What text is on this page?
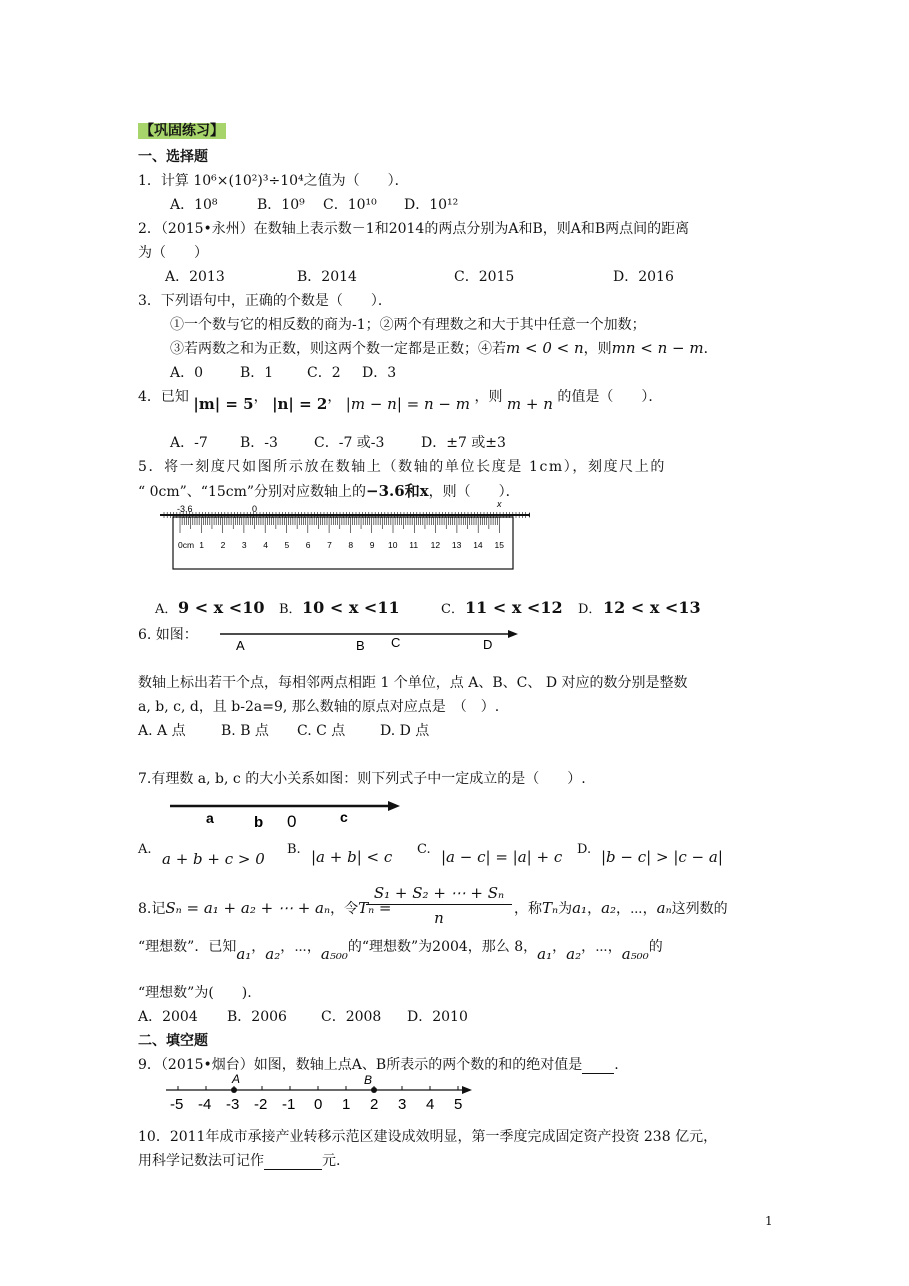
【巩固练习】
一、选择题
1．计算 10⁶×(10²)³÷10⁴之值为（　　）．
A．10⁸	B．10⁹ C．10¹⁰ D．10¹²
2．（2015•永州）在数轴上表示数－1和2014的两点分别为A和B，则A和B两点间的距离
为（　　）
A．2013	B．2014	C．2015	D．2016
3．下列语句中，正确的个数是（　　）．
①一个数与它的相反数的商为-1；②两个有理数之和大于其中任意一个加数；
③若两数之和为正数，则这两个数一定都是正数；④若m < 0 < n，则mn < n − m．
A．0	B．1 C．2 D．3
4．已知 |m| = 5， |n| = 2， |m − n| = n − m ，则 m + n 的值是（　　）．
A．-7 B．-3	C．-7 或-3	D．±7 或±3
5．将一刻度尺如图所示放在数轴上（数轴的单位长度是 1cm），刻度尺上的
“ 0cm”、“15cm”分别对应数轴上的−3.6和x，则（　　）．
-3.6	0	x
0cm 1 2 3 4 5 6 7 8 9 10 11 12 13 14 15
A． 9 < x <10 B． 10 < x <11	C． 11 < x <12 D． 12 < x <13
6. 如图：
A	B C	D
数轴上标出若干个点，每相邻两点相距 1 个单位，点 A、B、C、 D 对应的数分别是整数
a, b, c, d，且 b-2a=9, 那么数轴的原点对应点是　（　）.
A. A 点	B. B 点 C. C 点 D. D 点
7.有理数 a, b, c 的大小关系如图：则下列式子中一定成立的是（　　）.
a	b 0	c
A.
a + b + c > 0
B. |a + b| < c C. |a − c| = |a| + c D. |b − c| > |c − a|
8.记Sₙ = a₁ + a₂ + ⋯ + aₙ，令Tₙ =
$\frac{\text{S₁ + S₂ + ⋯ + Sₙ}}{n}$ ，称Tₙ为a₁，a₂，⋯，aₙ这列数的
“理想数”．已知a₁，a₂，⋯，a₅₀₀的“理想数”为2004，那么 8，a₁，a₂，⋯，a₅₀₀的
“理想数”为(　　).
A．2004 B．2006 C．2008 D．2010
二、填空题
9．（2015•烟台）如图，数轴上点A、B所表示的两个数的和的绝对值是 .
-5 -4 -3 -2 -1 0 1 2 3 4 5
A	B
10．2011年成市承接产业转移示范区建设成效明显，第一季度完成固定资产投资 238 亿元，
用科学记数法可记作	元.
1
